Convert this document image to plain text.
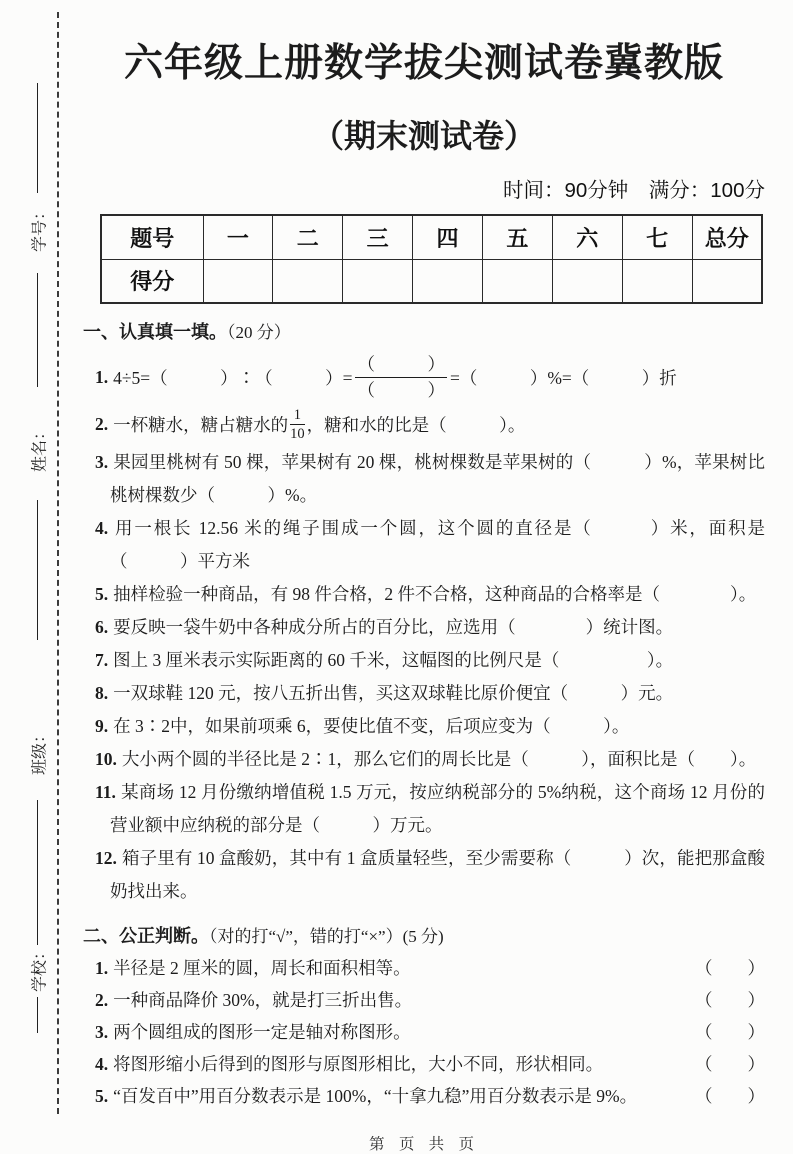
学号：
姓名：
班级：
学校：
六年级上册数学拔尖测试卷冀教版
（期末测试卷）
时间：90分钟　满分：100分
题号	一	二	三	四	五	六	七	总分
得分								
一、认真填一填。（20 分）
1. 4÷5=（　　　）∶（　　　）= $\frac{( )}{( )}$ =（　　　）%=（　　　）折
2. 一杯糖水，糖占糖水的 $\frac{1}{10}$ ，糖和水的比是（　　　）。
3. 果园里桃树有 50 棵，苹果树有 20 棵，桃树棵数是苹果树的（　　　）%，苹果树比桃树棵数少（　　　）%。
4. 用一根长 12.56 米的绳子围成一个圆，这个圆的直径是（　　　）米，面积是（　　　）平方米
5. 抽样检验一种商品，有 98 件合格，2 件不合格，这种商品的合格率是（　　　　）。
6. 要反映一袋牛奶中各种成分所占的百分比，应选用（　　　　）统计图。
7. 图上 3 厘米表示实际距离的 60 千米，这幅图的比例尺是（　　　　　）。
8. 一双球鞋 120 元，按八五折出售，买这双球鞋比原价便宜（　　　）元。
9. 在 3∶2中，如果前项乘 6，要使比值不变，后项应变为（　　　）。
10. 大小两个圆的半径比是 2∶1，那么它们的周长比是（　　　），面积比是（　　）。
11. 某商场 12 月份缴纳增值税 1.5 万元，按应纳税部分的 5%纳税，这个商场 12 月份的营业额中应纳税的部分是（　　　）万元。
12. 箱子里有 10 盒酸奶，其中有 1 盒质量轻些，至少需要称（　　　）次，能把那盒酸奶找出来。
二、公正判断。（对的打“√”，错的打“×”）(5 分)
1. 半径是 2 厘米的圆，周长和面积相等。	（　　）
2. 一种商品降价 30%，就是打三折出售。	（　　）
3. 两个圆组成的图形一定是轴对称图形。	（　　）
4. 将图形缩小后得到的图形与原图形相比，大小不同，形状相同。	（　　）
5. “百发百中”用百分数表示是 100%，“十拿九稳”用百分数表示是 9%。	（　　）
第 页 共 页
